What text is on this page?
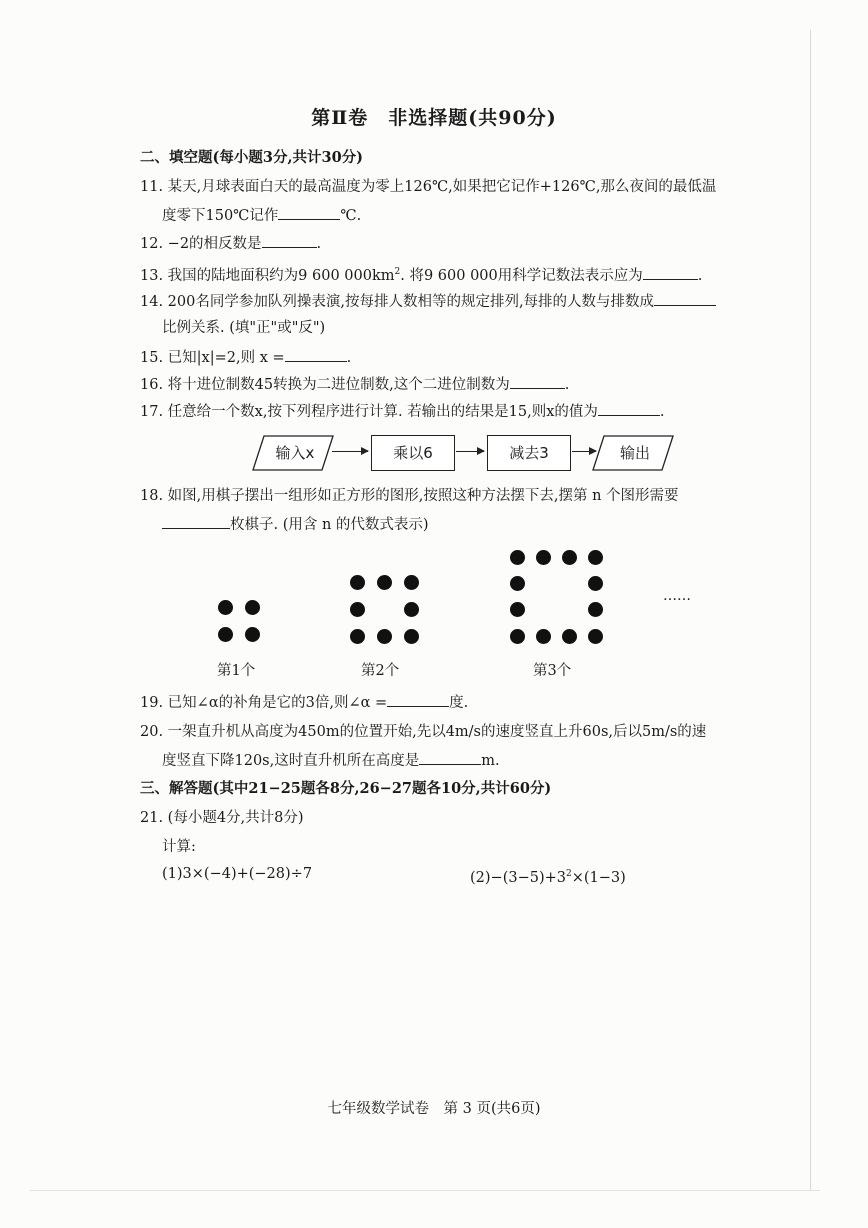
第Ⅱ卷　非选择题(共90分)
二、填空题(每小题3分,共计30分)
11. 某天,月球表面白天的最高温度为零上126℃,如果把它记作+126℃,那么夜间的最低温
度零下150℃记作	℃.
12. −2的相反数是	.
13. 我国的陆地面积约为9 600 $000km^2$. 将9 600 000用科学记数法表示应为	.
14. 200名同学参加队列操表演,按每排人数相等的规定排列,每排的人数与排数成
比例关系. (填"正"或"反")
15. 已知|x|=2,则 x =	.
16. 将十进位制数45转换为二进位制数,这个二进位制数为	.
17. 任意给一个数x,按下列程序进行计算. 若输出的结果是15,则x的值为	.
输入x	乘以6	减去3	输出
18. 如图,用棋子摆出一组形如正方形的图形,按照这种方法摆下去,摆第 n 个图形需要
枚棋子. (用含 n 的代数式表示)
……
第1个	第2个	第3个
19. 已知∠α的补角是它的3倍,则∠α =	度.
20. 一架直升机从高度为450m的位置开始,先以4m/s的速度竖直上升60s,后以5m/s的速
度竖直下降120s,这时直升机所在高度是	m.
三、解答题(其中21−25题各8分,26−27题各10分,共计60分)
21. (每小题4分,共计8分)
计算:
(1)3×(−4)+(−28)÷7	$(2)-(3-5)+3^2\times(1-3)$
七年级数学试卷　第 3 页(共6页)
